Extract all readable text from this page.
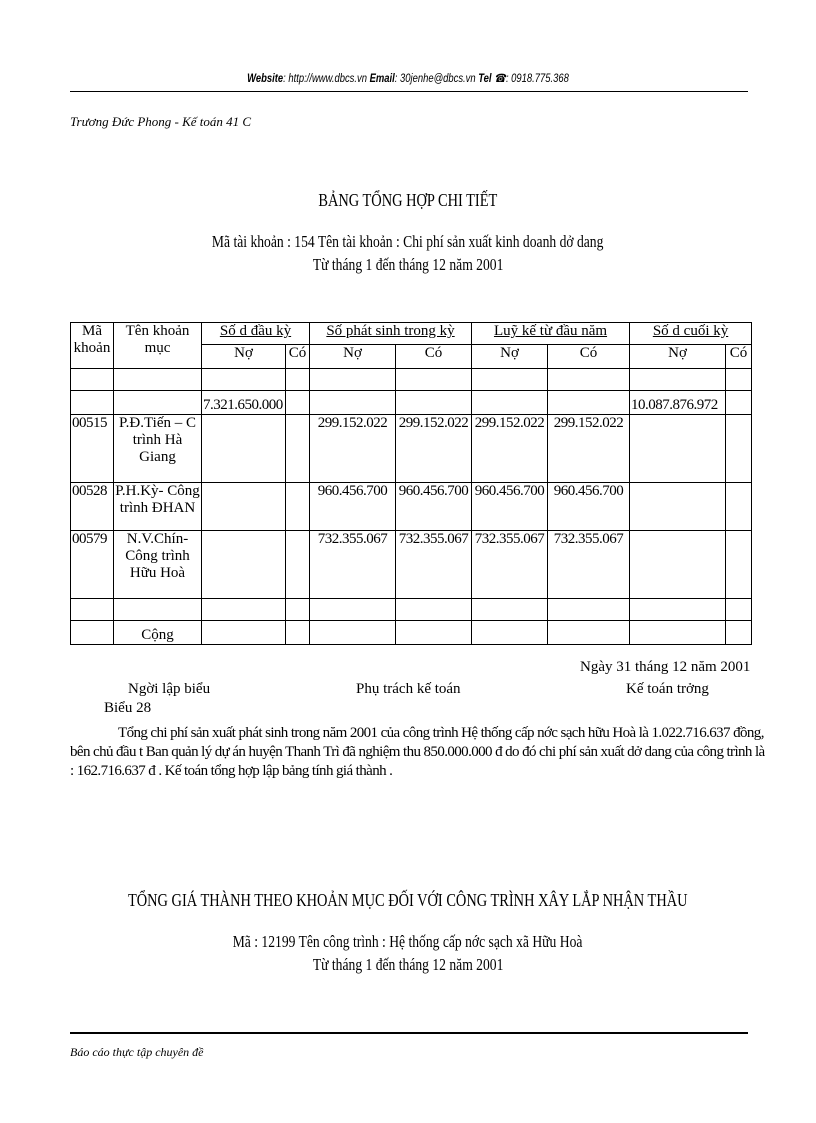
Website: http://www.dbcs.vn Email: 30jenhe@dbcs.vn Tel ☎: 0918.775.368
Trương Đức Phong - Kế toán 41 C
BẢNG TỔNG HỢP CHI TIẾT
Mã tài khoản : 154 Tên tài khoản : Chi phí sản xuất kinh doanh dở dang
Từ tháng 1 đến tháng 12 năm 2001
Mã khoản	Tên khoản mục	Số d đầu kỳ		Số phát sinh trong kỳ		Luỹ kế từ đầu năm		Số d cuối kỳ	
		Nợ	Có	Nợ	Có	Nợ	Có	Nợ	Có

		7.321.650.000						10.087.876.972	
00515	P.Đ.Tiến – C trình Hà Giang			299.152.022	299.152.022	299.152.022	299.152.022		
00528	P.H.Kỳ- Công trình ĐHAN			960.456.700	960.456.700	960.456.700	960.456.700		
00579	N.V.Chín- Công trình Hữu Hoà			732.355.067	732.355.067	732.355.067	732.355.067		

	Cộng								
Ngày 31 tháng 12 năm 2001
Ngời lập biểu	Phụ trách kế toán	Kế toán trởng
Biểu 28
Tổng chi phí sản xuất phát sinh trong năm 2001 của công trình Hệ thống cấp nớc sạch hữu Hoà là 1.022.716.637 đồng,
bên chủ đầu t Ban quản lý dự án huyện Thanh Trì đã nghiệm thu 850.000.000 đ do đó chi phí sản xuất dở dang của công trình là
: 162.716.637 đ . Kế toán tổng hợp lập bảng tính giá thành .
TỔNG GIÁ THÀNH THEO KHOẢN MỤC ĐỐI VỚI CÔNG TRÌNH XÂY LẮP NHẬN THẦU
Mã : 12199 Tên công trình : Hệ thống cấp nớc sạch xã Hữu Hoà
Từ tháng 1 đến tháng 12 năm 2001
Báo cáo thực tập chuyên đề
